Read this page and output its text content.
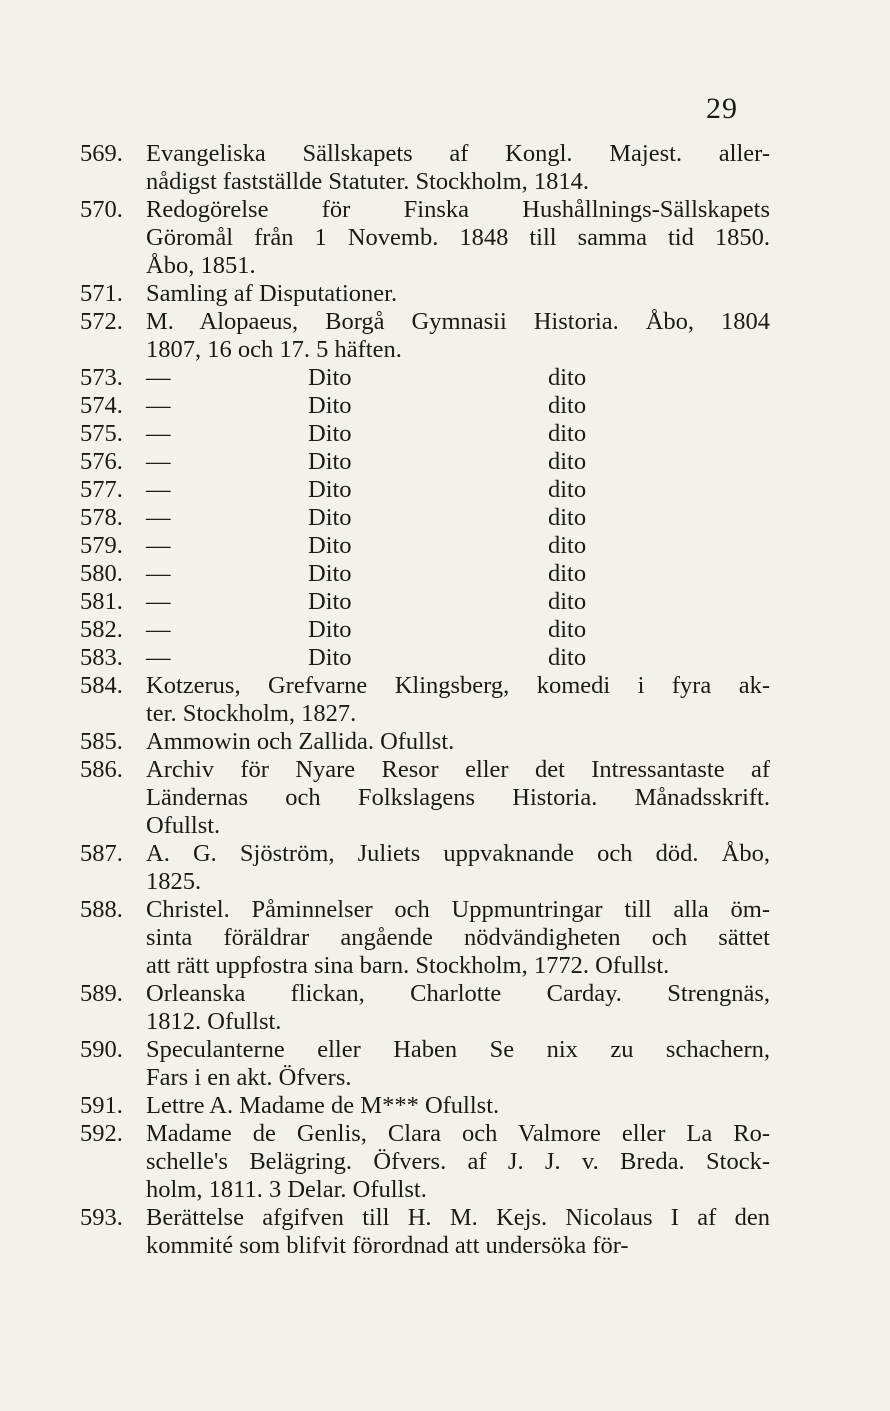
29
569. Evangeliska Sällskapets af Kongl. Majest. aller-
nådigst fastställde Statuter. Stockholm, 1814.
570. Redogörelse för Finska Hushållnings-Sällskapets
Göromål från 1 Novemb. 1848 till samma tid 1850.
Åbo, 1851.
571. Samling af Disputationer.
572. M. Alopaeus, Borgå Gymnasii Historia. Åbo, 1804
1807, 16 och 17. 5 häften.
573. —	Dito	dito
574. —	Dito	dito
575. —	Dito	dito
576. —	Dito	dito
577. —	Dito	dito
578. —	Dito	dito
579. —	Dito	dito
580. —	Dito	dito
581. —	Dito	dito
582. —	Dito	dito
583. —	Dito	dito
584. Kotzerus, Grefvarne Klingsberg, komedi i fyra ak-
ter. Stockholm, 1827.
585. Ammowin och Zallida. Ofullst.
586. Archiv för Nyare Resor eller det Intressantaste af
Ländernas och Folkslagens Historia. Månadsskrift.
Ofullst.
587. A. G. Sjöström, Juliets uppvaknande och död. Åbo,
1825.
588. Christel. Påminnelser och Uppmuntringar till alla öm-
sinta föräldrar angående nödvändigheten och sättet
att rätt uppfostra sina barn. Stockholm, 1772. Ofullst.
589. Orleanska flickan, Charlotte Carday. Strengnäs,
1812. Ofullst.
590. Speculanterne eller Haben Se nix zu schachern,
Fars i en akt. Öfvers.
591. Lettre A. Madame de M*** Ofullst.
592. Madame de Genlis, Clara och Valmore eller La Ro-
schelle's Belägring. Öfvers. af J. J. v. Breda. Stock-
holm, 1811. 3 Delar. Ofullst.
593. Berättelse afgifven till H. M. Kejs. Nicolaus I af den
kommité som blifvit förordnad att undersöka för-
